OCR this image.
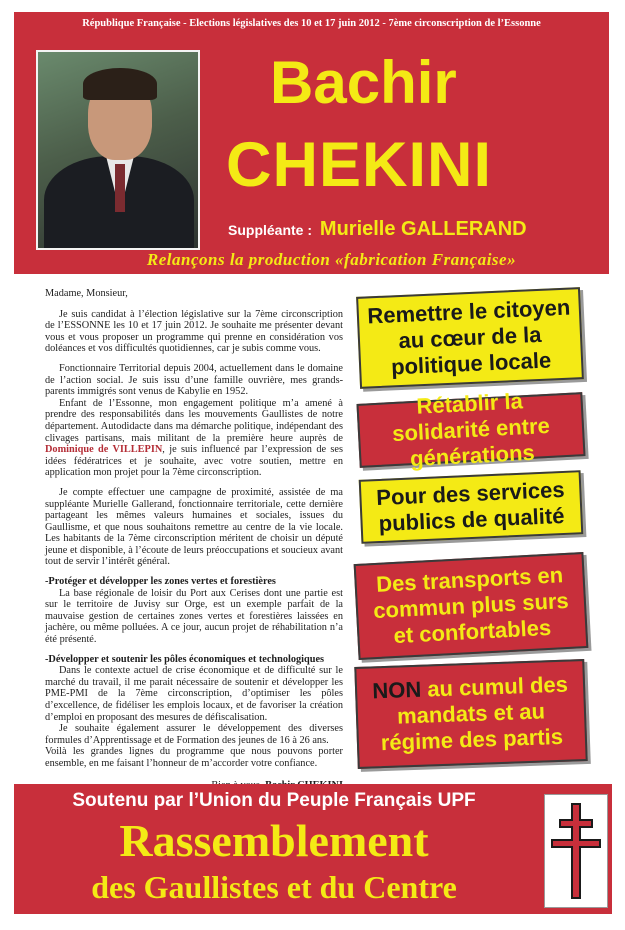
République Française - Elections législatives des 10 et 17 juin 2012 - 7ème circonscription de l’Essonne
Bachir
CHEKINI
Suppléante : Murielle GALLERAND
Relançons la production «fabrication Française»

Madame, Monsieur,

Je suis candidat à l’élection législative sur la 7ème circonscription de l’ESSONNE les 10 et 17 juin 2012. Je souhaite me présenter devant vous et vous proposer un programme qui prenne en considération vos doléances et vos difficultés quotidiennes, car je subis comme vous.

Fonctionnaire Territorial depuis 2004, actuellement dans le domaine de l’action social. Je suis issu d’une famille ouvrière, mes grands-parents immigrés sont venus de Kabylie en 1952.

Enfant de l’Essonne, mon engagement politique m’a amené à prendre des responsabilités dans les mouvements Gaullistes de notre département. Autodidacte dans ma démarche politique, indépendant des clivages partisans, mais militant de la première heure auprès de Dominique de VILLEPIN, je suis influencé par l’expression de ses idées fédératrices et je souhaite, avec votre soutien, mettre en application mon projet pour la 7ème circonscription.

Je compte effectuer une campagne de proximité, assistée de ma suppléante Murielle Gallerand, fonctionnaire territoriale, cette dernière partageant les mêmes valeurs humaines et sociales, issues du Gaullisme, et que nous souhaitons remettre au centre de la vie locale. Les habitants de la 7ème circonscription méritent de choisir un député jeune et disponible, à l’écoute de leurs préoccupations et soucieux avant tout de servir l’intérêt général.

-Protéger et développer les zones vertes et forestières

La base régionale de loisir du Port aux Cerises dont une partie est sur le territoire de Juvisy sur Orge, est un exemple parfait de la mauvaise gestion de certaines zones vertes et forestières laissées en jachère, ou même polluées. A ce jour, aucun projet de réhabilitation n’a été présenté.

-Développer et soutenir les pôles économiques et technologiques

Dans le contexte actuel de crise économique et de difficulté sur le marché du travail, il me parait nécessaire de soutenir et développer les PME-PMI de la 7ème circonscription, d’optimiser les pôles d’excellence, de fidéliser les emplois locaux, et de favoriser la création d’emploi en proposant des mesures de défiscalisation.

Je souhaite également assurer le développement des diverses formules d’Apprentissage et de Formation des jeunes de 16 à 26 ans.

Voilà les grandes lignes du programme que nous pouvons porter ensemble, en me faisant l’honneur de m’accorder votre confiance.

Remettre le citoyen au cœur de la politique locale
Rétablir la solidarité entre générations
Pour des services publics de qualité
Des transports en commun plus surs et confortables
NON au cumul des mandats et au régime des partis
Soutenu par l’Union du Peuple Français UPF
Rassemblement
des Gaullistes et du Centre
